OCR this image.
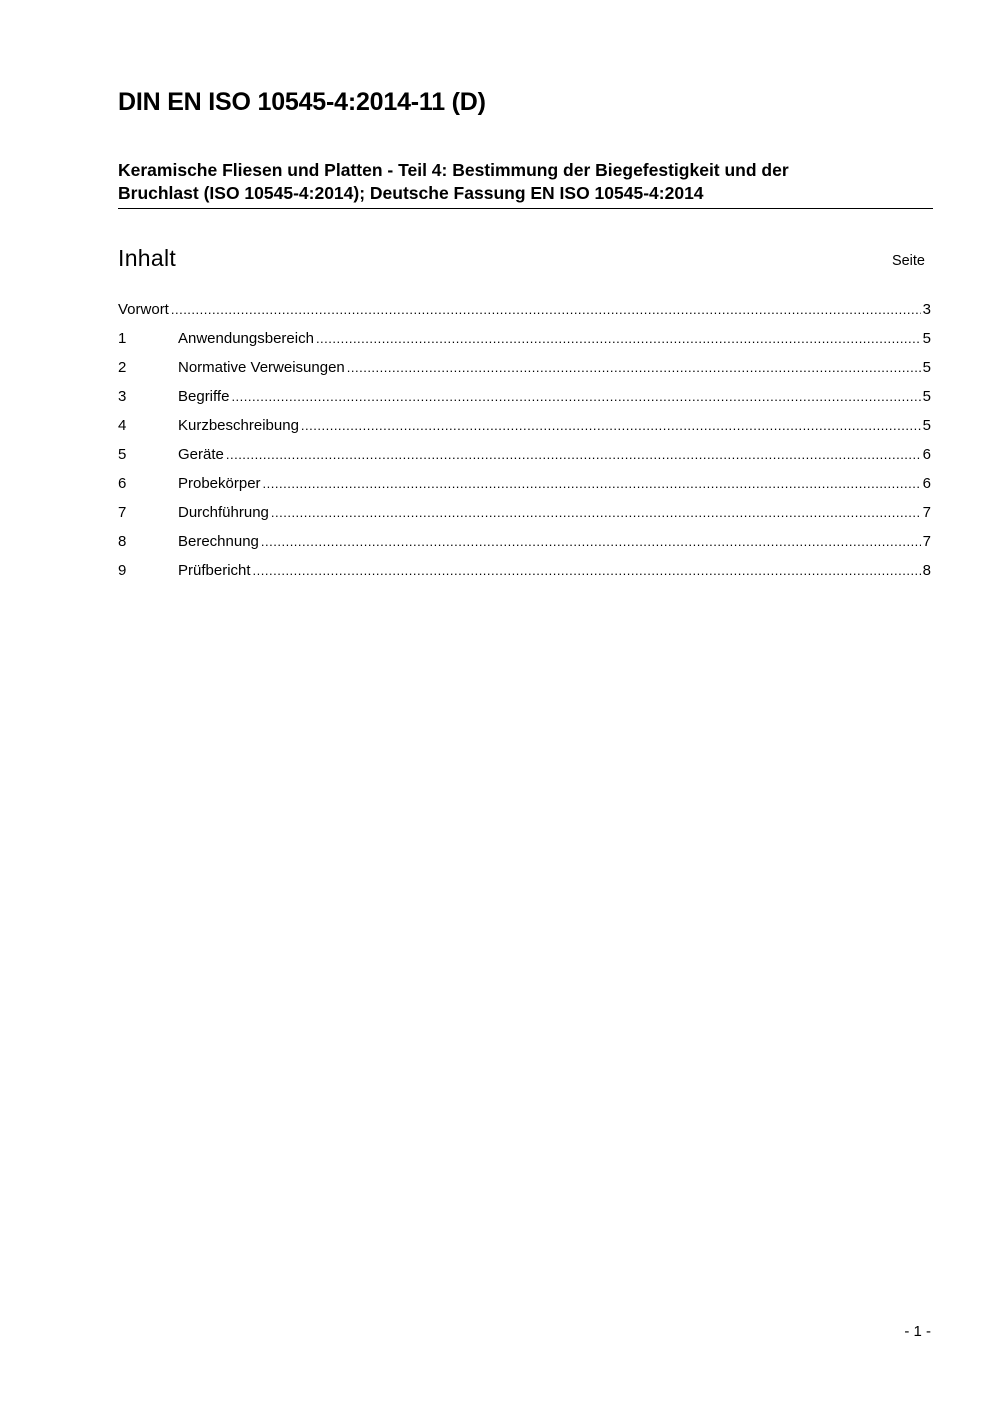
DIN EN ISO 10545-4:2014-11 (D)
Keramische Fliesen und Platten - Teil 4: Bestimmung der Biegefestigkeit und der
Bruchlast (ISO 10545-4:2014); Deutsche Fassung EN ISO 10545-4:2014
Inhalt	Seite
Vorwort .....	3
1	Anwendungsbereich .....	5
2	Normative Verweisungen .....	5
3	Begriffe .....	5
4	Kurzbeschreibung .....	5
5	Geräte .....	6
6	Probekörper .....	6
7	Durchführung .....	7
8	Berechnung .....	7
9	Prüfbericht .....	8
- 1 -
